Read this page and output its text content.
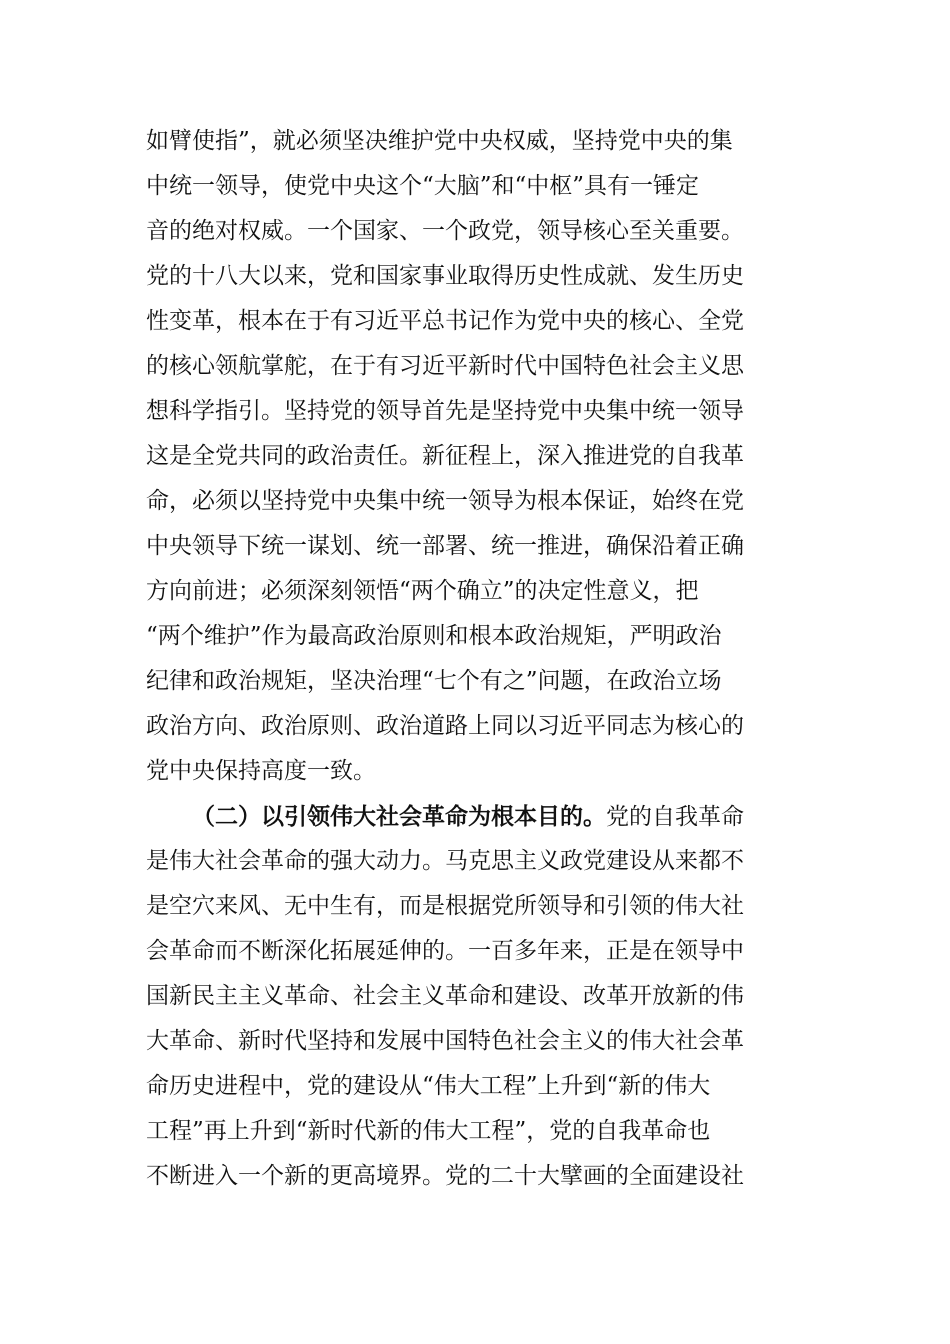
如臂使指”，就必须坚决维护党中央权威，坚持党中央的集
中统一领导，使党中央这个“大脑”和“中枢”具有一锤定
音的绝对权威。一个国家、一个政党，领导核心至关重要。
党的十八大以来，党和国家事业取得历史性成就、发生历史
性变革，根本在于有习近平总书记作为党中央的核心、全党
的核心领航掌舵，在于有习近平新时代中国特色社会主义思
想科学指引。坚持党的领导首先是坚持党中央集中统一领导
这是全党共同的政治责任。新征程上，深入推进党的自我革
命，必须以坚持党中央集中统一领导为根本保证，始终在党
中央领导下统一谋划、统一部署、统一推进，确保沿着正确
方向前进；必须深刻领悟“两个确立”的决定性意义，把
“两个维护”作为最高政治原则和根本政治规矩，严明政治
纪律和政治规矩，坚决治理“七个有之”问题，在政治立场
政治方向、政治原则、政治道路上同以习近平同志为核心的
党中央保持高度一致。
（二）以引领伟大社会革命为根本目的。党的自我革命
是伟大社会革命的强大动力。马克思主义政党建设从来都不
是空穴来风、无中生有，而是根据党所领导和引领的伟大社
会革命而不断深化拓展延伸的。一百多年来，正是在领导中
国新民主主义革命、社会主义革命和建设、改革开放新的伟
大革命、新时代坚持和发展中国特色社会主义的伟大社会革
命历史进程中，党的建设从“伟大工程”上升到“新的伟大
工程”再上升到“新时代新的伟大工程”，党的自我革命也
不断进入一个新的更高境界。党的二十大擘画的全面建设社
